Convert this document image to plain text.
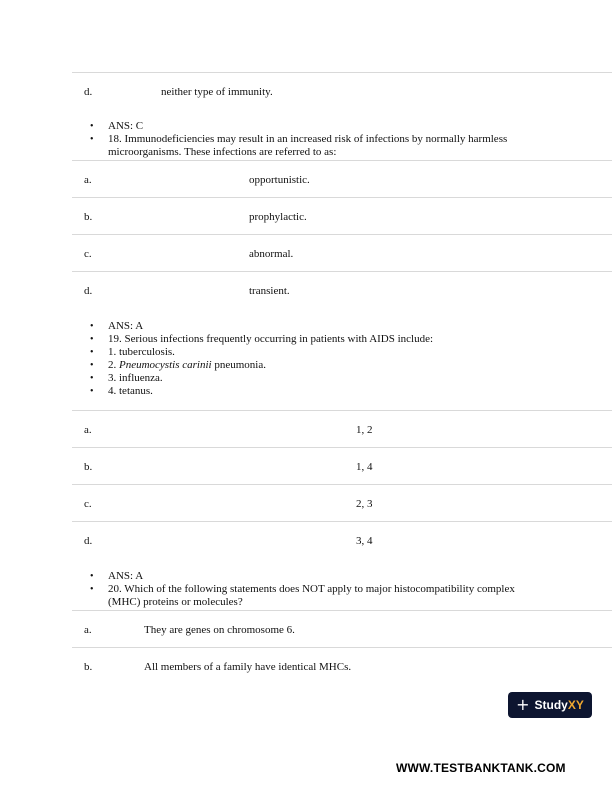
d.	neither type of immunity.
• ANS: C
• 18. Immunodeficiencies may result in an increased risk of infections by normally harmless microorganisms. These infections are referred to as:
a.	opportunistic.
b.	prophylactic.
c.	abnormal.
d.	transient.
• ANS: A
• 19. Serious infections frequently occurring in patients with AIDS include:
• 1. tuberculosis.
• 2. Pneumocystis carinii pneumonia.
• 3. influenza.
• 4. tetanus.
a.	1, 2
b.	1, 4
c.	2, 3
d.	3, 4
• ANS: A
• 20. Which of the following statements does NOT apply to major histocompatibility complex (MHC) proteins or molecules?
a.	They are genes on chromosome 6.
b.	All members of a family have identical MHCs.
+ StudyXY
WWW.TESTBANKTANK.COM
